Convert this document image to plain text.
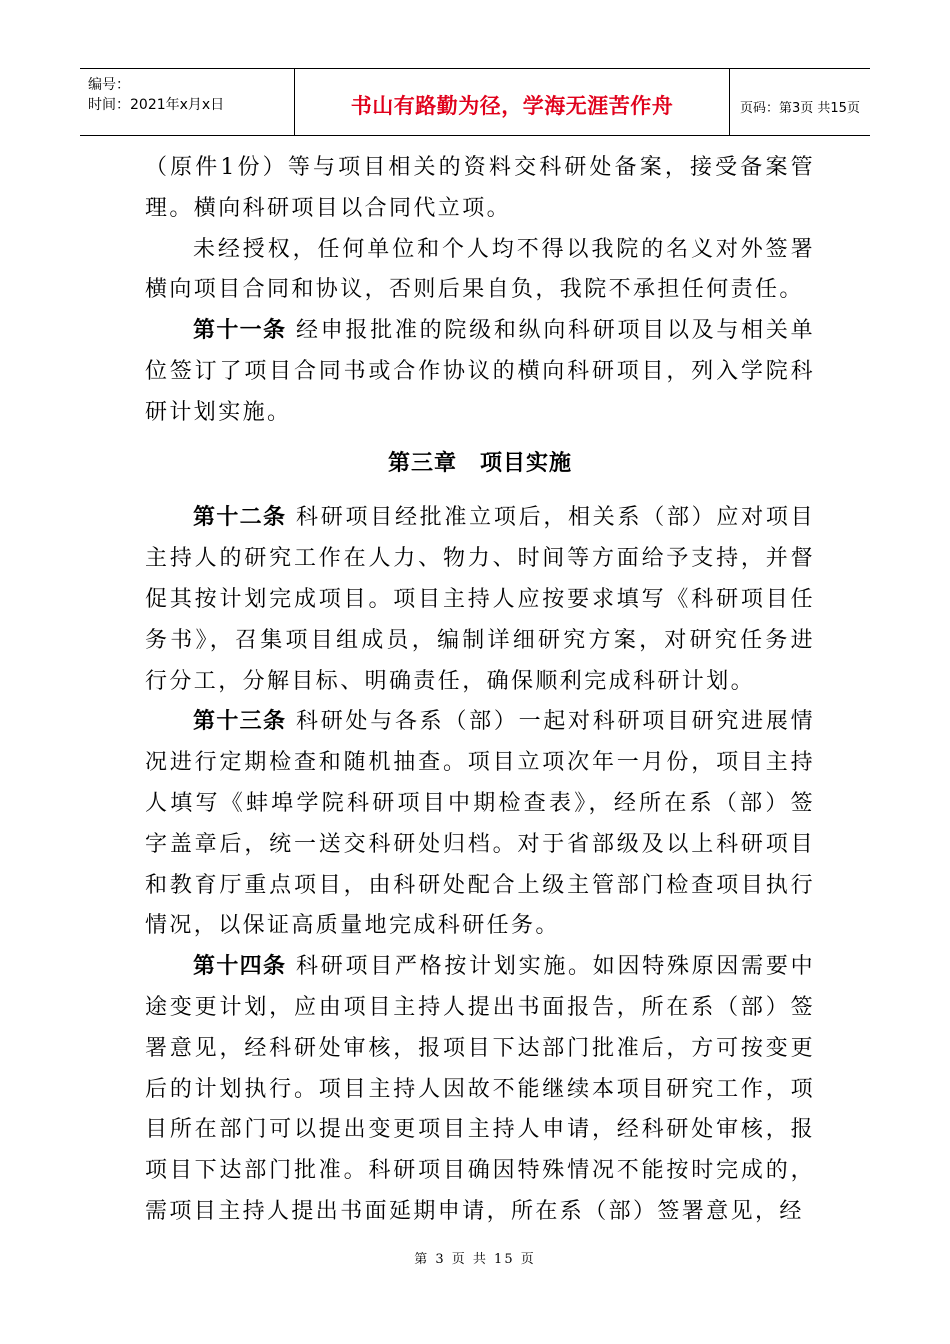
编号：
时间：2021年x月x日	书山有路勤为径，学海无涯苦作舟	页码：第3页 共15页

（原件1份）等与项目相关的资料交科研处备案，接受备案管理。横向科研项目以合同代立项。

未经授权，任何单位和个人均不得以我院的名义对外签署横向项目合同和协议，否则后果自负，我院不承担任何责任。

第十一条 经申报批准的院级和纵向科研项目以及与相关单位签订了项目合同书或合作协议的横向科研项目，列入学院科研计划实施。

第三章　项目实施

第十二条 科研项目经批准立项后，相关系（部）应对项目主持人的研究工作在人力、物力、时间等方面给予支持，并督促其按计划完成项目。项目主持人应按要求填写《科研项目任务书》，召集项目组成员，编制详细研究方案，对研究任务进行分工，分解目标、明确责任，确保顺利完成科研计划。

第十三条 科研处与各系（部）一起对科研项目研究进展情况进行定期检查和随机抽查。项目立项次年一月份，项目主持人填写《蚌埠学院科研项目中期检查表》，经所在系（部）签字盖章后，统一送交科研处归档。对于省部级及以上科研项目和教育厅重点项目，由科研处配合上级主管部门检查项目执行情况，以保证高质量地完成科研任务。

第十四条 科研项目严格按计划实施。如因特殊原因需要中途变更计划，应由项目主持人提出书面报告，所在系（部）签署意见，经科研处审核，报项目下达部门批准后，方可按变更后的计划执行。项目主持人因故不能继续本项目研究工作，项目所在部门可以提出变更项目主持人申请，经科研处审核，报项目下达部门批准。科研项目确因特殊情况不能按时完成的，需项目主持人提出书面延期申请，所在系（部）签署意见，经

第 3 页 共 15 页
